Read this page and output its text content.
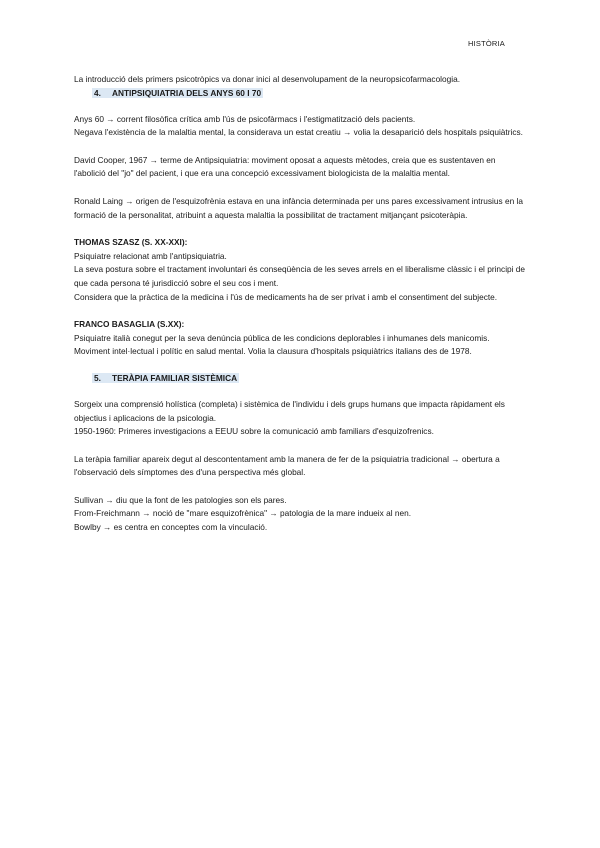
HISTÒRIA

La introducció dels primers psicotròpics va donar inici al desenvolupament de la neuropsicofarmacologia.

4. ANTIPSIQUIATRIA DELS ANYS 60 I 70

Anys 60 → corrent filosòfica crítica amb l'ús de psicofàrmacs i l'estigmatització dels pacients.

Negava l'existència de la malaltia mental, la considerava un estat creatiu → volia la desaparició dels hospitals psiquiàtrics.

David Cooper, 1967 → terme de Antipsiquiatria: moviment oposat a aquests mètodes, creia que es sustentaven en l'abolició del "jo" del pacient, i que era una concepció excessivament biologicista de la malaltia mental.

Ronald Laing → origen de l'esquizofrènia estava en una infància determinada per uns pares excessivament intrusius en la formació de la personalitat, atribuint a aquesta malaltia la possibilitat de tractament mitjançant psicoteràpia.

THOMAS SZASZ (S. XX-XXI):

Psiquiatre relacionat amb l'antipsiquiatria.

La seva postura sobre el tractament involuntari és conseqüència de les seves arrels en el liberalisme clàssic i el principi de que cada persona té jurisdicció sobre el seu cos i ment.

Considera que la pràctica de la medicina i l'ús de medicaments ha de ser privat i amb el consentiment del subjecte.

FRANCO BASAGLIA (S.XX):

Psiquiatre italià conegut per la seva denúncia pública de les condicions deplorables i inhumanes dels manicomis.

Moviment intel·lectual i polític en salud mental. Volia la clausura d'hospitals psiquiàtrics italians des de 1978.

5. TERÀPIA FAMILIAR SISTÈMICA

Sorgeix una comprensió holística (completa) i sistèmica de l'individu i dels grups humans que impacta ràpidament els objectius i aplicacions de la psicologia.

1950-1960: Primeres investigacions a EEUU sobre la comunicació amb familiars d'esquizofrenics.

La teràpia familiar apareix degut al descontentament amb la manera de fer de la psiquiatria tradicional → obertura a l'observació dels símptomes des d'una perspectiva més global.

Sullivan → diu que la font de les patologies son els pares.

From-Freichmann → noció de "mare esquizofrènica" → patologia de la mare indueix al nen.

Bowlby → es centra en conceptes com la vinculació.
